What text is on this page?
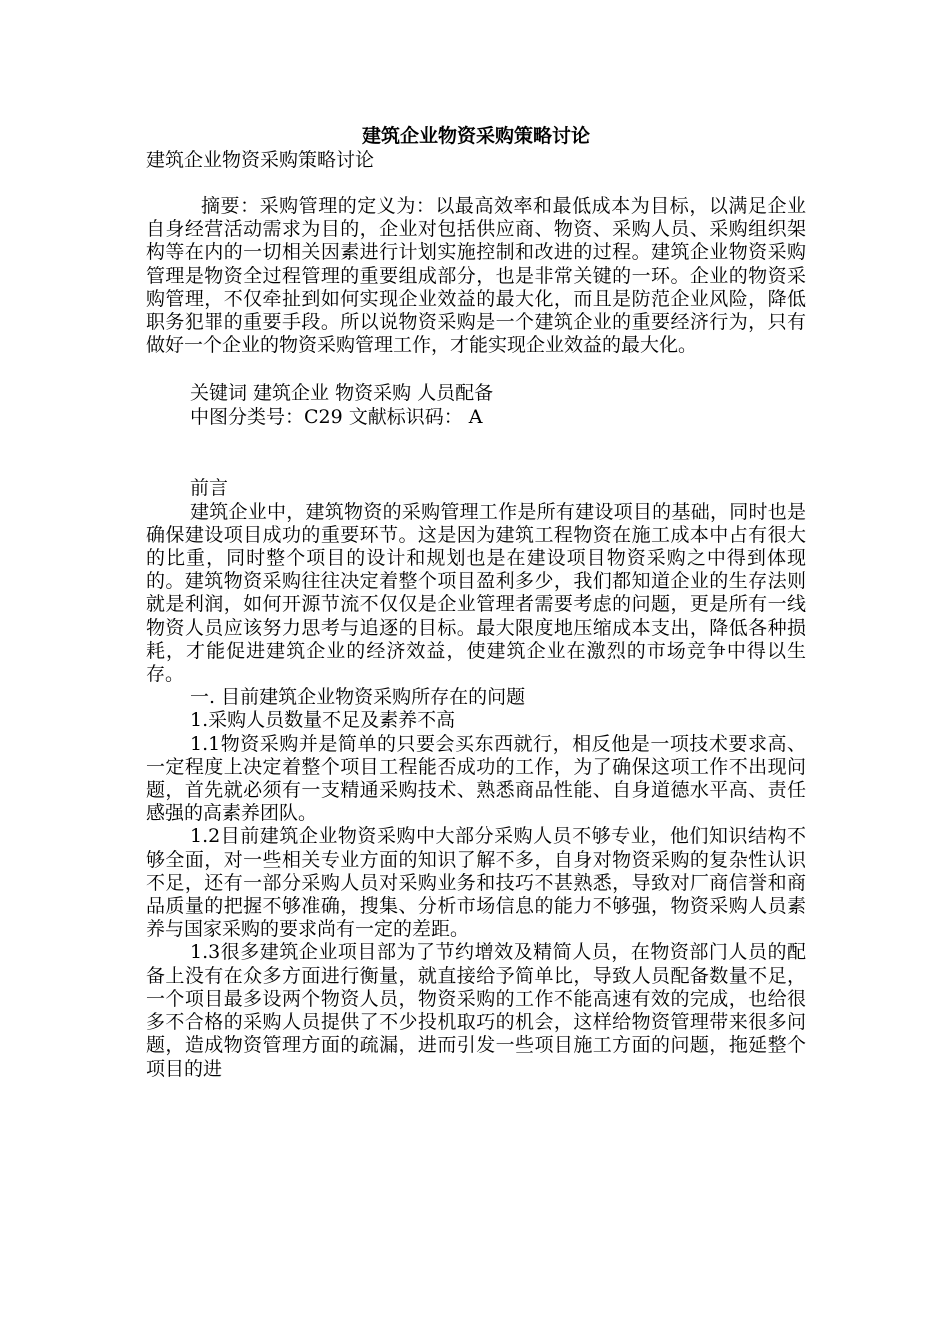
建筑企业物资采购策略讨论

建筑企业物资采购策略讨论

摘要：采购管理的定义为：以最高效率和最低成本为目标，以满足企业自身经营活动需求为目的，企业对包括供应商、物资、采购人员、采购组织架构等在内的一切相关因素进行计划实施控制和改进的过程。建筑企业物资采购管理是物资全过程管理的重要组成部分，也是非常关键的一环。企业的物资采购管理，不仅牵扯到如何实现企业效益的最大化，而且是防范企业风险，降低职务犯罪的重要手段。所以说物资采购是一个建筑企业的重要经济行为，只有做好一个企业的物资采购管理工作，才能实现企业效益的最大化。

关键词 建筑企业 物资采购 人员配备

中图分类号：C29 文献标识码： A

前言

建筑企业中，建筑物资的采购管理工作是所有建设项目的基础，同时也是确保建设项目成功的重要环节。这是因为建筑工程物资在施工成本中占有很大的比重，同时整个项目的设计和规划也是在建设项目物资采购之中得到体现的。建筑物资采购往往决定着整个项目盈利多少，我们都知道企业的生存法则就是利润，如何开源节流不仅仅是企业管理者需要考虑的问题，更是所有一线物资人员应该努力思考与追逐的目标。最大限度地压缩成本支出，降低各种损耗，才能促进建筑企业的经济效益，使建筑企业在激烈的市场竞争中得以生存。

一. 目前建筑企业物资采购所存在的问题

1.采购人员数量不足及素养不高

1.1物资采购并是简单的只要会买东西就行，相反他是一项技术要求高、一定程度上决定着整个项目工程能否成功的工作，为了确保这项工作不出现问题，首先就必须有一支精通采购技术、熟悉商品性能、自身道德水平高、责任感强的高素养团队。

1.2目前建筑企业物资采购中大部分采购人员不够专业，他们知识结构不够全面，对一些相关专业方面的知识了解不多，自身对物资采购的复杂性认识不足，还有一部分采购人员对采购业务和技巧不甚熟悉，导致对厂商信誉和商品质量的把握不够准确，搜集、分析市场信息的能力不够强，物资采购人员素养与国家采购的要求尚有一定的差距。

1.3很多建筑企业项目部为了节约增效及精简人员，在物资部门人员的配备上没有在众多方面进行衡量，就直接给予简单比，导致人员配备数量不足，一个项目最多设两个物资人员，物资采购的工作不能高速有效的完成，也给很多不合格的采购人员提供了不少投机取巧的机会，这样给物资管理带来很多问题，造成物资管理方面的疏漏，进而引发一些项目施工方面的问题，拖延整个项目的进
